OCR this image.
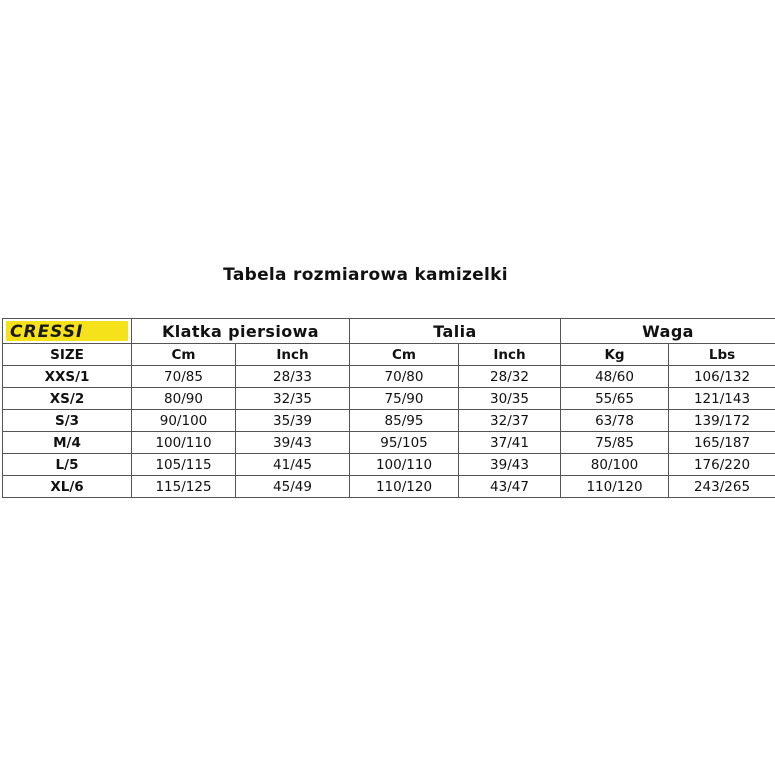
Tabela rozmiarowa kamizelki
CRESSI	Klatka piersiowa		Talia		Waga	
SIZE	Cm	Inch	Cm	Inch	Kg	Lbs
XXS/1	70/85	28/33	70/80	28/32	48/60	106/132
XS/2	80/90	32/35	75/90	30/35	55/65	121/143
S/3	90/100	35/39	85/95	32/37	63/78	139/172
M/4	100/110	39/43	95/105	37/41	75/85	165/187
L/5	105/115	41/45	100/110	39/43	80/100	176/220
XL/6	115/125	45/49	110/120	43/47	110/120	243/265
